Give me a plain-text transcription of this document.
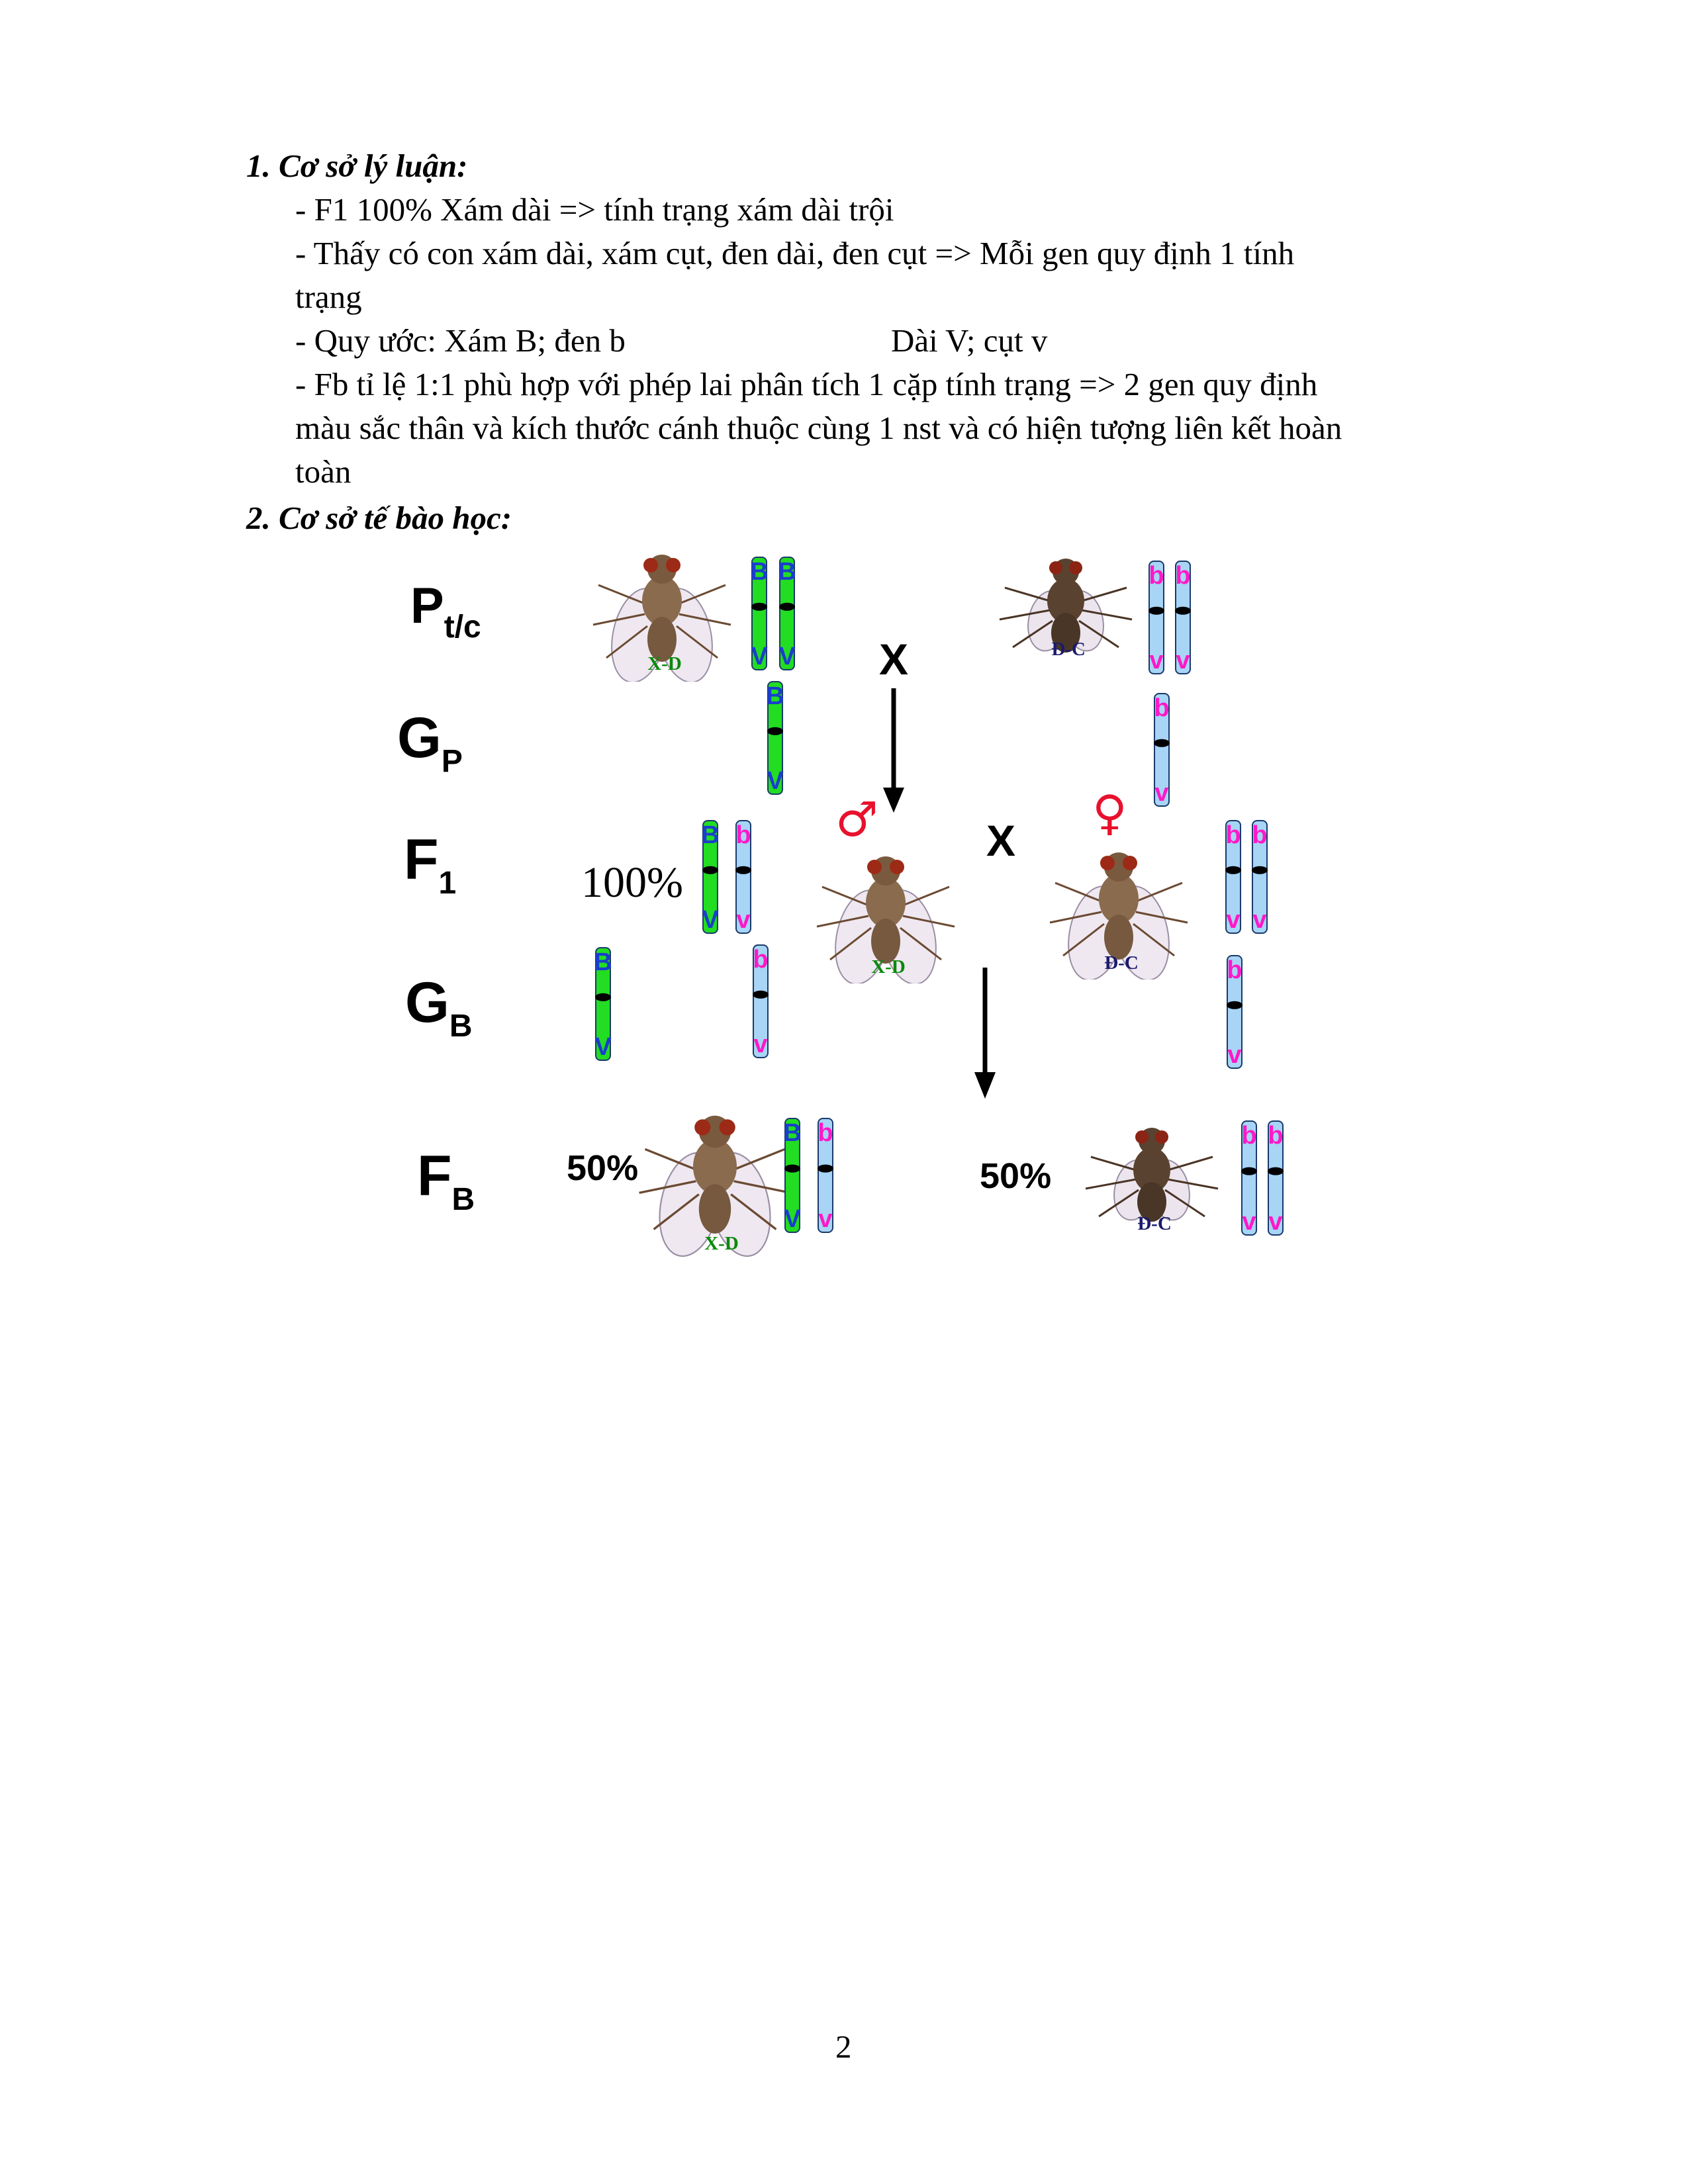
1. Cơ sở lý luận:
- F1 100% Xám dài => tính trạng xám dài trội
- Thấy có con xám dài, xám cụt, đen dài, đen cụt => Mỗi gen quy định 1 tính
trạng
- Quy ước: Xám B; đen b	Dài V; cụt v
- Fb tỉ lệ 1:1 phù hợp với phép lai phân tích 1 cặp tính trạng => 2 gen quy định
màu sắc thân và kích thước cánh thuộc cùng 1 nst và có hiện tượng liên kết hoàn
toàn
2. Cơ sở tế bào học:
$P_{t/c}$
$G_P$
$F_1$
$G_B$
$F_B$
100%
50%	50%
X
X
♂	♀
X-D
Đ-C
X-D	Đ-C
X-D
Đ-C
B
V
B
V
b
v
b
v
B
V
b
v
B
V
b
v
b
v
b
v
B
V
b
v
b
v
B
V
b
v
b
v
b
v
2
